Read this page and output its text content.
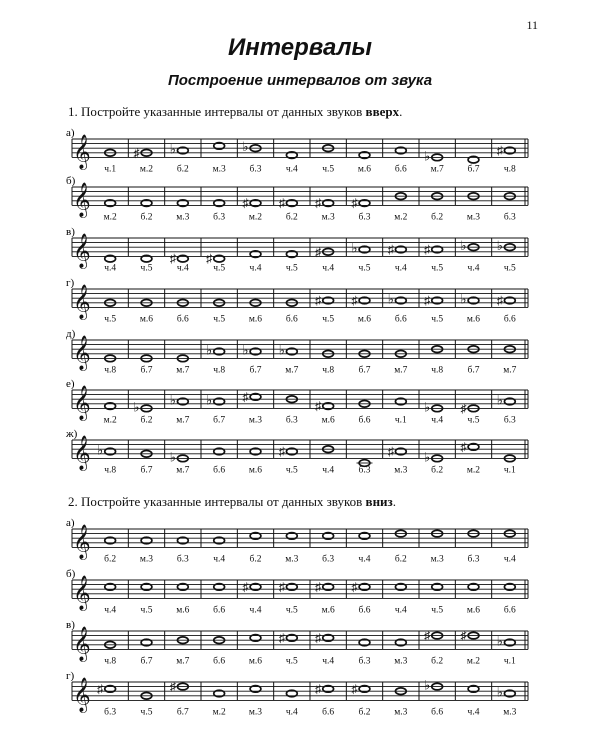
11
Интервалы
Построение интервалов от звука
1. Постройте указанные интервалы от данных звуков вверх.
2. Постройте указанные интервалы от данных звуков вниз.
а)
𝄞
ч.1
♯
м.2
♭
б.2	м.3
♭
б.3	ч.4	ч.5	м.6	б.6
♭
м.7	б.7
♯
ч.8
б)
𝄞
м.2	б.2	м.3	б.3
♯
м.2
♯
б.2
♯
м.3
♯
б.3	м.2	б.2	м.3	б.3
в)
𝄞
ч.4	ч.5
♯
ч.4
♯
ч.5	ч.4	ч.5
♯
ч.4
♭
ч.5
♯
ч.4
♯
ч.5
♭
ч.4
♭
ч.5
г)
𝄞
ч.5	м.6	б.6	ч.5	м.6	б.6
♯
ч.5
♯
м.6
♭
б.6
♯
ч.5
♭
м.6
♯
б.6
д)
𝄞
ч.8	б.7	м.7
♭
ч.8
♭
б.7
♭
м.7	ч.8	б.7	м.7	ч.8	б.7	м.7
е)
𝄞
м.2
♭
б.2
♭
м.7
♭
б.7
♯
м.3	б.3
♯
м.6	б.6	ч.1
♭
ч.4
♯
ч.5
♭
б.3
ж)
𝄞 ♭
ч.8	б.7
♭
м.7	б.6	м.6
♯
ч.5	ч.4	б.3
♯
м.3
♭
б.2
♯
м.2	ч.1
а)
𝄞
б.2	м.3	б.3	ч.4	б.2	м.3	б.3	ч.4	б.2	м.3	б.3	ч.4
б)
𝄞
ч.4	ч.5	м.6	б.6
♯
ч.4
♯
ч.5
♯
м.6
♯
б.6	ч.4	ч.5	м.6	б.6
в)
𝄞
ч.8	б.7	м.7	б.6	м.6
♯
ч.5
♯
ч.4	б.3	м.3
♯
б.2
♯
м.2
♭
ч.1
г)
𝄞 ♯
б.3	ч.5
♯
б.7	м.2 м.3	ч.4
♯
б.6
♯
б.2	м.3
♭
б.6	ч.4
♭
м.3
